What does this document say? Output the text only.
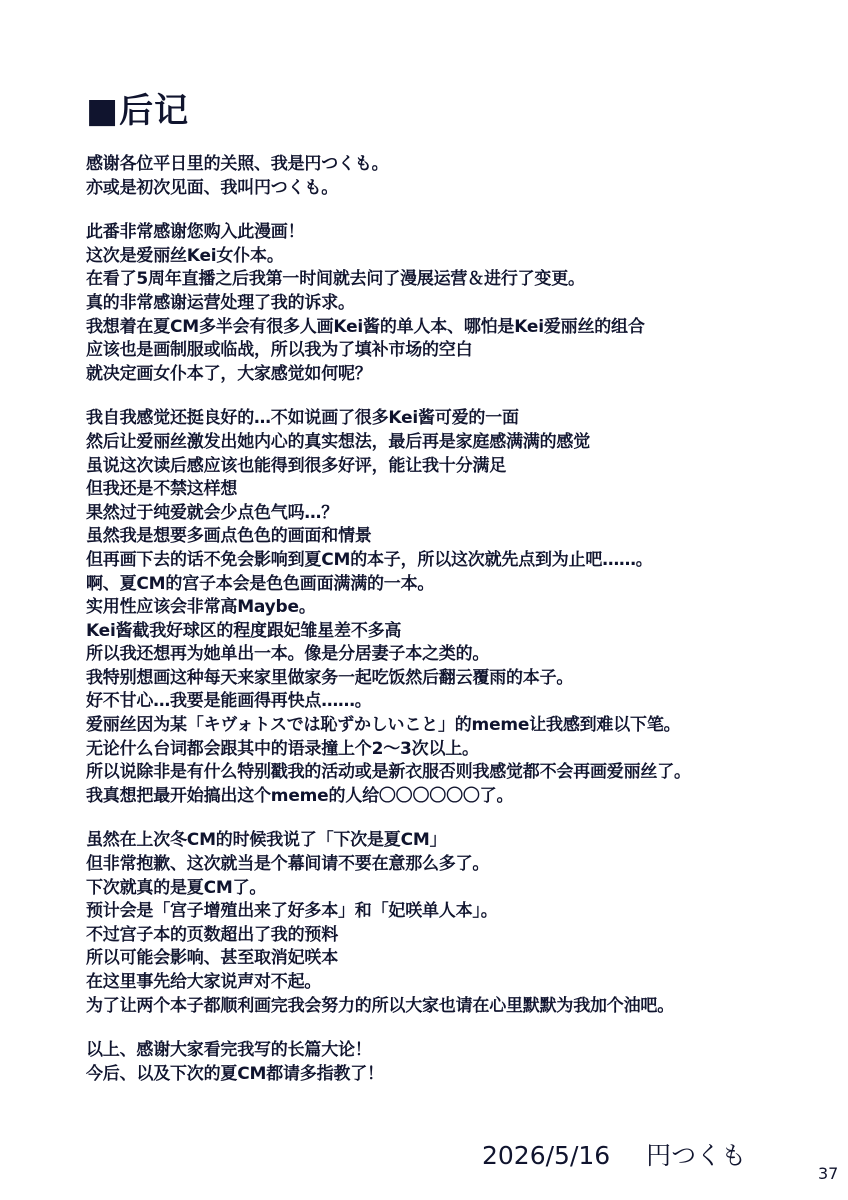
■后记
感谢各位平日里的关照、我是円つくも。
亦或是初次见面、我叫円つくも。
此番非常感谢您购入此漫画！
这次是爱丽丝Kei女仆本。
在看了5周年直播之后我第一时间就去问了漫展运营＆进行了变更。
真的非常感谢运营处理了我的诉求。
我想着在夏CM多半会有很多人画Kei酱的单人本、哪怕是Kei爱丽丝的组合
应该也是画制服或临战，所以我为了填补市场的空白
就决定画女仆本了，大家感觉如何呢？
我自我感觉还挺良好的…不如说画了很多Kei酱可爱的一面
然后让爱丽丝激发出她内心的真实想法，最后再是家庭感满满的感觉
虽说这次读后感应该也能得到很多好评，能让我十分满足
但我还是不禁这样想
果然过于纯爱就会少点色气吗…？
虽然我是想要多画点色色的画面和情景
但再画下去的话不免会影响到夏CM的本子，所以这次就先点到为止吧……。
啊、夏CM的宫子本会是色色画面满满的一本。
实用性应该会非常高Maybe。
Kei酱截我好球区的程度跟妃雏星差不多高
所以我还想再为她单出一本。像是分居妻子本之类的。
我特别想画这种每天来家里做家务一起吃饭然后翻云覆雨的本子。
好不甘心…我要是能画得再快点……。
爱丽丝因为某「キヴォトスでは恥ずかしいこと」的meme让我感到难以下笔。
无论什么台词都会跟其中的语录撞上个2～3次以上。
所以说除非是有什么特别戳我的活动或是新衣服否则我感觉都不会再画爱丽丝了。
我真想把最开始搞出这个meme的人给〇〇〇〇〇〇了。
虽然在上次冬CM的时候我说了「下次是夏CM」
但非常抱歉、这次就当是个幕间请不要在意那么多了。
下次就真的是夏CM了。
预计会是「宫子增殖出来了好多本」和「妃咲单人本」。
不过宫子本的页数超出了我的预料
所以可能会影响、甚至取消妃咲本
在这里事先给大家说声对不起。
为了让两个本子都顺利画完我会努力的所以大家也请在心里默默为我加个油吧。
以上、感谢大家看完我写的长篇大论！
今后、以及下次的夏CM都请多指教了！
2026/5/16 円つくも
37
